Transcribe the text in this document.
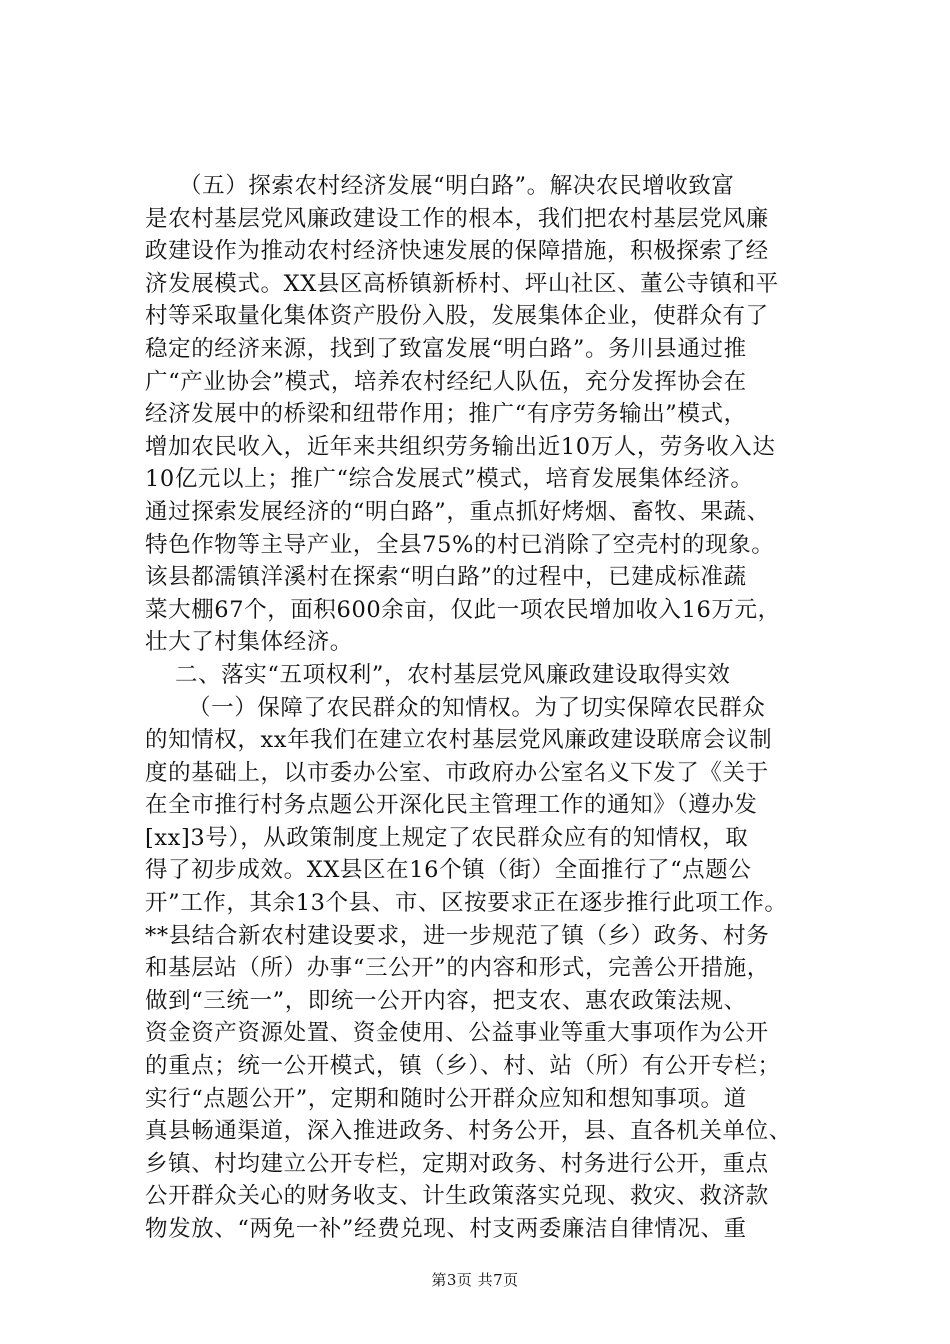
（五）探索农村经济发展“明白路”。解决农民增收致富
是农村基层党风廉政建设工作的根本，我们把农村基层党风廉
政建设作为推动农村经济快速发展的保障措施，积极探索了经
济发展模式。XX县区高桥镇新桥村、坪山社区、董公寺镇和平
村等采取量化集体资产股份入股，发展集体企业，使群众有了
稳定的经济来源，找到了致富发展“明白路”。务川县通过推
广“产业协会”模式，培养农村经纪人队伍，充分发挥协会在
经济发展中的桥梁和纽带作用；推广“有序劳务输出”模式，
增加农民收入，近年来共组织劳务输出近10万人，劳务收入达
10亿元以上；推广“综合发展式”模式，培育发展集体经济。
通过探索发展经济的“明白路”，重点抓好烤烟、畜牧、果蔬、
特色作物等主导产业，全县75%的村已消除了空壳村的现象。
该县都濡镇洋溪村在探索“明白路”的过程中，已建成标准蔬
菜大棚67个，面积600余亩，仅此一项农民增加收入16万元，
壮大了村集体经济。
二、落实“五项权利”，农村基层党风廉政建设取得实效
（一）保障了农民群众的知情权。为了切实保障农民群众
的知情权，xx年我们在建立农村基层党风廉政建设联席会议制
度的基础上，以市委办公室、市政府办公室名义下发了《关于
在全市推行村务点题公开深化民主管理工作的通知》（遵办发
[xx]3号），从政策制度上规定了农民群众应有的知情权，取
得了初步成效。XX县区在16个镇（街）全面推行了“点题公
开”工作，其余13个县、市、区按要求正在逐步推行此项工作。
**县结合新农村建设要求，进一步规范了镇（乡）政务、村务
和基层站（所）办事“三公开”的内容和形式，完善公开措施，
做到“三统一”，即统一公开内容，把支农、惠农政策法规、
资金资产资源处置、资金使用、公益事业等重大事项作为公开
的重点；统一公开模式，镇（乡）、村、站（所）有公开专栏；
实行“点题公开”，定期和随时公开群众应知和想知事项。道
真县畅通渠道，深入推进政务、村务公开，县、直各机关单位、
乡镇、村均建立公开专栏，定期对政务、村务进行公开，重点
公开群众关心的财务收支、计生政策落实兑现、救灾、救济款
物发放、“两免一补”经费兑现、村支两委廉洁自律情况、重
第3页 共7页
